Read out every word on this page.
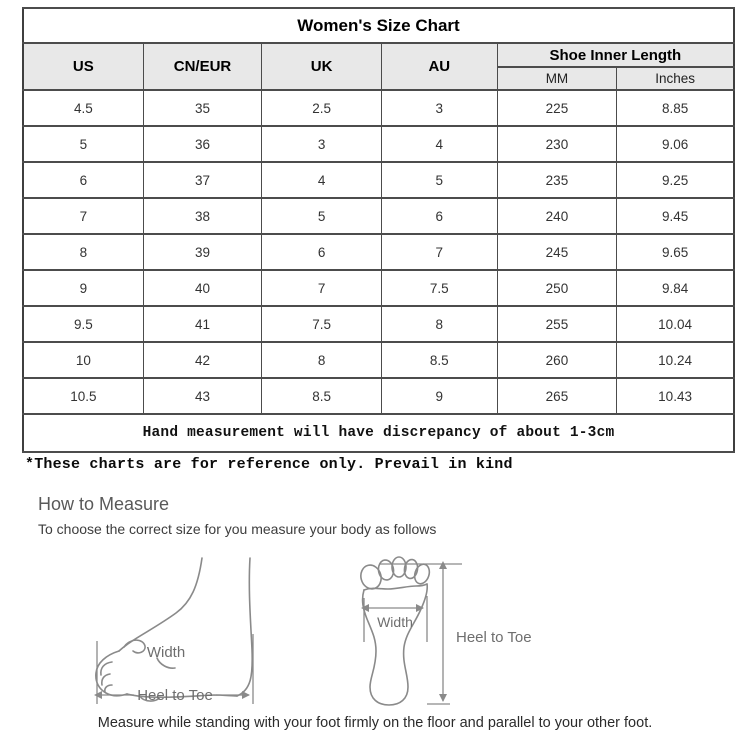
Women's Size Chart					
US	CN/EUR	UK	AU	Shoe Inner Length	
				MM	Inches
4.5	35	2.5	3	225	8.85
5	36	3	4	230	9.06
6	37	4	5	235	9.25
7	38	5	6	240	9.45
8	39	6	7	245	9.65
9	40	7	7.5	250	9.84
9.5	41	7.5	8	255	10.04
10	42	8	8.5	260	10.24
10.5	43	8.5	9	265	10.43
Hand measurement will have discrepancy of about 1-3cm					
*These charts are for reference only. Prevail in kind
How to Measure
To choose the correct size for you measure your body as follows
Width
Heel to Toe
Width
Heel to Toe
Measure while standing with your foot firmly on the floor and parallel to your other foot.
